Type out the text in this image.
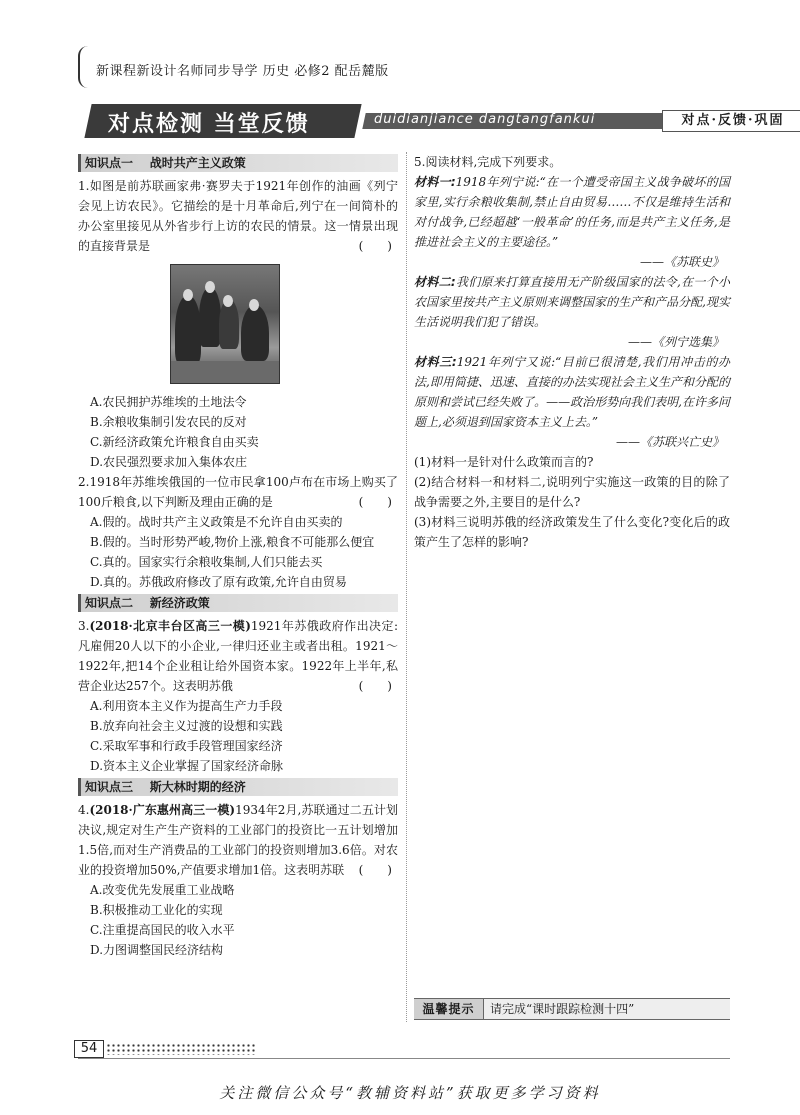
新课程新设计名师同步导学 历史 必修2 配岳麓版
对点检测 当堂反馈	duidianjiance dangtangfankui	对点·反馈·巩固
知识点一 战时共产主义政策
1.如图是前苏联画家弗·赛罗夫于1921年创作的油画《列宁会见上访农民》。它描绘的是十月革命后,列宁在一间简朴的办公室里接见从外省步行上访的农民的情景。这一情景出现的直接背景是	(　　)
A.农民拥护苏维埃的土地法令
B.余粮收集制引发农民的反对
C.新经济政策允许粮食自由买卖
D.农民强烈要求加入集体农庄
2.1918年苏维埃俄国的一位市民拿100卢布在市场上购买了100斤粮食,以下判断及理由正确的是	(　　)
A.假的。战时共产主义政策是不允许自由买卖的
B.假的。当时形势严峻,物价上涨,粮食不可能那么便宜
C.真的。国家实行余粮收集制,人们只能去买
D.真的。苏俄政府修改了原有政策,允许自由贸易
知识点二 新经济政策
3.(2018·北京丰台区高三一模)1921年苏俄政府作出决定:凡雇佣20人以下的小企业,一律归还业主或者出租。1921～1922年,把14个企业租让给外国资本家。1922年上半年,私营企业达257个。这表明苏俄	(　　)
A.利用资本主义作为提高生产力手段
B.放弃向社会主义过渡的设想和实践
C.采取军事和行政手段管理国家经济
D.资本主义企业掌握了国家经济命脉
知识点三 斯大林时期的经济
4.(2018·广东惠州高三一模)1934年2月,苏联通过二五计划决议,规定对生产生产资料的工业部门的投资比一五计划增加1.5倍,而对生产消费品的工业部门的投资则增加3.6倍。对农业的投资增加50%,产值要求增加1倍。这表明苏联 (　　)
A.改变优先发展重工业战略
B.积极推动工业化的实现
C.注重提高国民的收入水平
D.力图调整国民经济结构
5.阅读材料,完成下列要求。
材料一:1918年列宁说:“在一个遭受帝国主义战争破坏的国家里,实行余粮收集制,禁止自由贸易……不仅是维持生活和对付战争,已经超越‘一般革命’的任务,而是共产主义任务,是推进社会主义的主要途径。”
——《苏联史》
材料二:我们原来打算直接用无产阶级国家的法令,在一个小农国家里按共产主义原则来调整国家的生产和产品分配,现实生活说明我们犯了错误。
——《列宁选集》
材料三:1921年列宁又说:“目前已很清楚,我们用冲击的办法,即用简捷、迅速、直接的办法实现社会主义生产和分配的原则和尝试已经失败了。——政治形势向我们表明,在许多问题上,必须退到国家资本主义上去。”
——《苏联兴亡史》
(1)材料一是针对什么政策而言的?
(2)结合材料一和材料二,说明列宁实施这一政策的目的除了战争需要之外,主要目的是什么?
(3)材料三说明苏俄的经济政策发生了什么变化?变化后的政策产生了怎样的影响?
温馨提示	请完成“课时跟踪检测十四”
54
关注微信公众号“教辅资料站”获取更多学习资料
